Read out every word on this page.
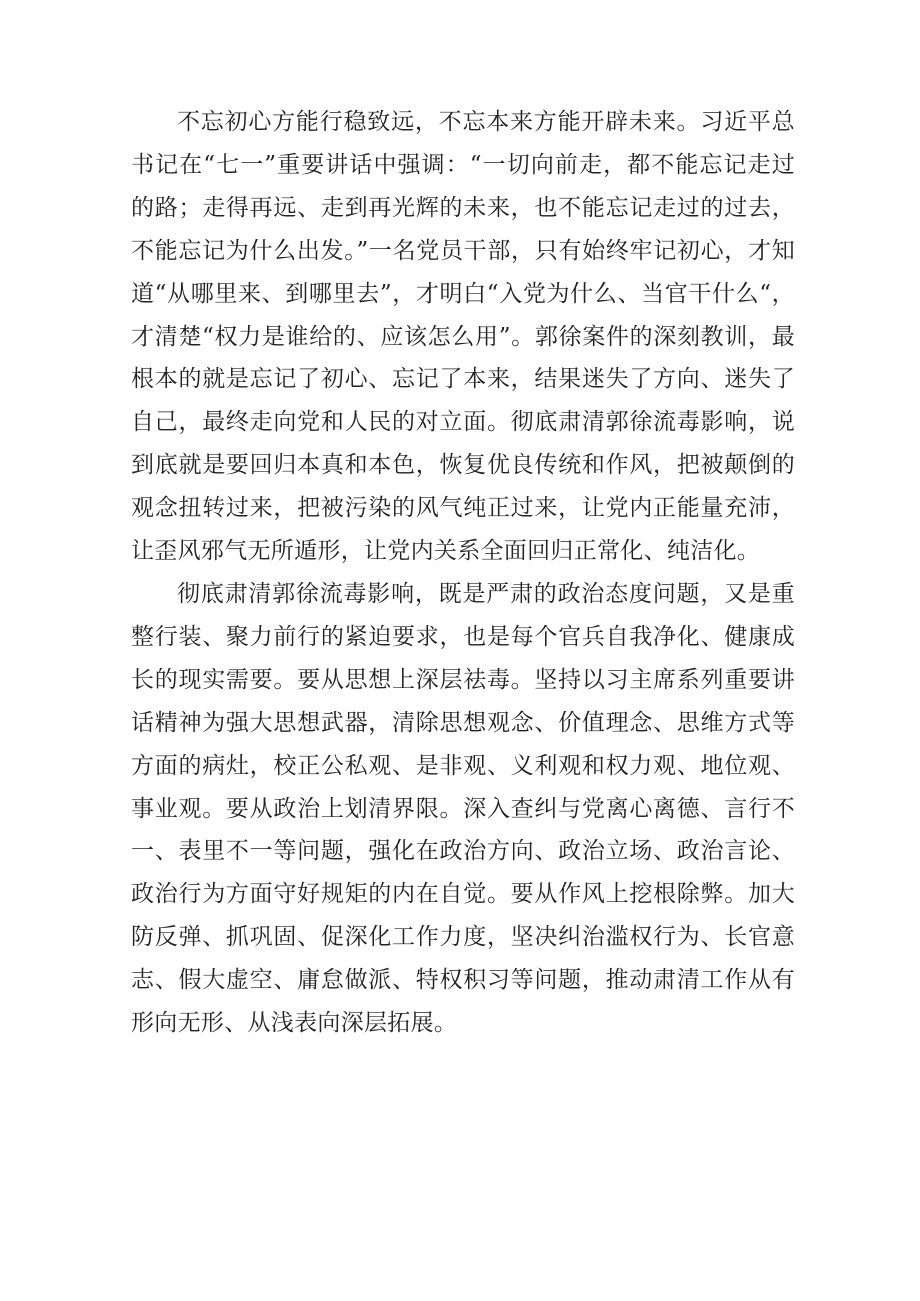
不忘初心方能行稳致远，不忘本来方能开辟未来。习近平总书记在“七一”重要讲话中强调：“一切向前走，都不能忘记走过的路；走得再远、走到再光辉的未来，也不能忘记走过的过去，不能忘记为什么出发。”一名党员干部，只有始终牢记初心，才知道“从哪里来、到哪里去”，才明白“入党为什么、当官干什么“，才清楚“权力是谁给的、应该怎么用”。郭徐案件的深刻教训，最根本的就是忘记了初心、忘记了本来，结果迷失了方向、迷失了自己，最终走向党和人民的对立面。彻底肃清郭徐流毒影响，说到底就是要回归本真和本色，恢复优良传统和作风，把被颠倒的观念扭转过来，把被污染的风气纯正过来，让党内正能量充沛，让歪风邪气无所遁形，让党内关系全面回归正常化、纯洁化。

彻底肃清郭徐流毒影响，既是严肃的政治态度问题，又是重整行装、聚力前行的紧迫要求，也是每个官兵自我净化、健康成长的现实需要。要从思想上深层祛毒。坚持以习主席系列重要讲话精神为强大思想武器，清除思想观念、价值理念、思维方式等方面的病灶，校正公私观、是非观、义利观和权力观、地位观、事业观。要从政治上划清界限。深入查纠与党离心离德、言行不一、表里不一等问题，强化在政治方向、政治立场、政治言论、政治行为方面守好规矩的内在自觉。要从作风上挖根除弊。加大防反弹、抓巩固、促深化工作力度，坚决纠治滥权行为、长官意志、假大虚空、庸怠做派、特权积习等问题，推动肃清工作从有形向无形、从浅表向深层拓展。
